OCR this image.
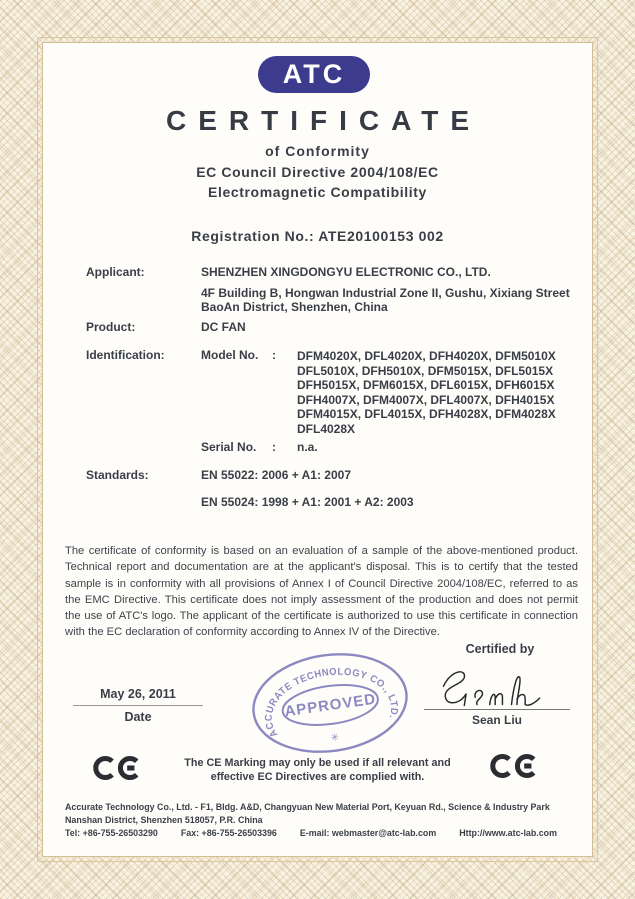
ATC
CERTIFICATE
of Conformity
EC Council Directive 2004/108/EC
Electromagnetic Compatibility
Registration No.: ATE20100153 002
Applicant:	SHENZHEN XINGDONGYU ELECTRONIC CO., LTD.
4F Building B, Hongwan Industrial Zone II, Gushu, Xixiang Street
BaoAn District, Shenzhen, China
Product:	DC FAN
Identification:	Model No. : DFM4020X, DFL4020X, DFH4020X, DFM5010X
DFL5010X, DFH5010X, DFM5015X, DFL5015X
DFH5015X, DFM6015X, DFL6015X, DFH6015X
DFH4007X, DFM4007X, DFL4007X, DFH4015X
DFM4015X, DFL4015X, DFH4028X, DFM4028X
DFL4028X
Serial No. : n.a.
Standards:	EN 55022: 2006 + A1: 2007
EN 55024: 1998 + A1: 2001 + A2: 2003
The certificate of conformity is based on an evaluation of a sample of the above-mentioned product. Technical report and documentation are at the applicant's disposal. This is to certify that the tested sample is in conformity with all provisions of Annex I of Council Directive 2004/108/EC, referred to as the EMC Directive. This certificate does not imply assessment of the production and does not permit the use of ATC's logo. The applicant of the certificate is authorized to use this certificate in connection with the EC declaration of conformity according to Annex IV of the Directive.
Certified by
ACCURATE TECHNOLOGY CO., LTD.
APPROVED
✳
Sean Liu
May 26, 2011
Date
The CE Marking may only be used if all relevant and
effective EC Directives are complied with.
Accurate Technology Co., Ltd. - F1, Bldg. A&D, Changyuan New Material Port, Keyuan Rd., Science & Industry Park
Nanshan District, Shenzhen 518057, P.R. China
Tel: +86-755-26503290	Fax: +86-755-26503396	E-mail: webmaster@atc-lab.com	Http://www.atc-lab.com
